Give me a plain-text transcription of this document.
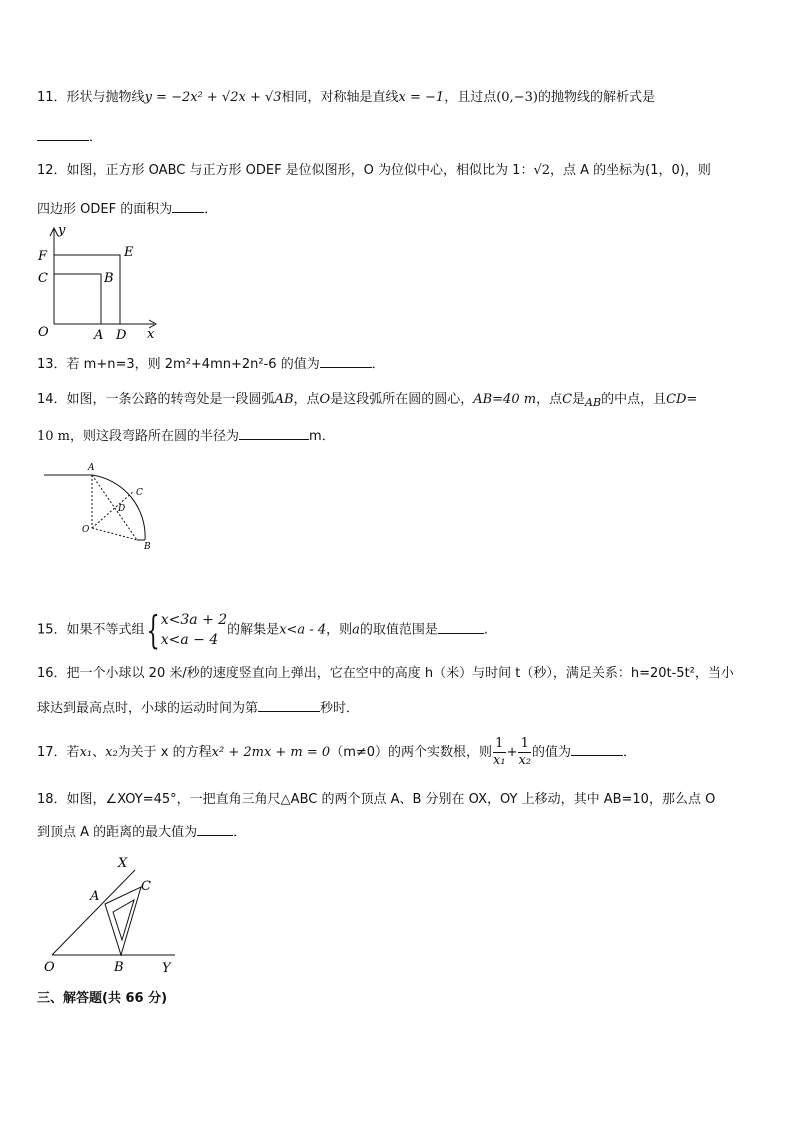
11．形状与抛物线y = −2x² + √2x + √3相同，对称轴是直线x = −1，且过点(0,−3)的抛物线的解析式是
．
12．如图，正方形 OABC 与正方形 ODEF 是位似图形，O 为位似中心，相似比为 1：√2，点 A 的坐标为(1，0)，则
四边形 ODEF 的面积为 ．
y
F	E
C	B
O	A D x
13．若 m+n=3，则 2m²+4mn+2n²-6 的值为	．
14．如图，一条公路的转弯处是一段圆弧AB，点O是这段弧所在圆的圆心，AB=40 m，点C是$_{AB}$的中点，且CD=
10 m，则这段弯路所在圆的半径为	m．
A
C
D
O
B
15．如果不等式组{ x<3a + 2
x<a − 4
的解集是x<a - 4，则a的取值范围是	.
16．把一个小球以 20 米/秒的速度竖直向上弹出，它在空中的高度 h（米）与时间 t（秒），满足关系：h=20t-5t²，当小
球达到最高点时，小球的运动时间为第	秒时．
17．若x₁、x₂为关于 x 的方程x² + 2mx + m = 0（m≠0）的两个实数根，则 $\frac{1}{\text{x₁}} + \frac{1}{\text{x₂}}$ 的值为	．
18．如图，∠XOY=45°，一把直角三角尺△ABC 的两个顶点 A、B 分别在 OX，OY 上移动，其中 AB=10，那么点 O
到顶点 A 的距离的最大值为	．
X
A
C
O	B	Y
三、解答题(共 66 分)
